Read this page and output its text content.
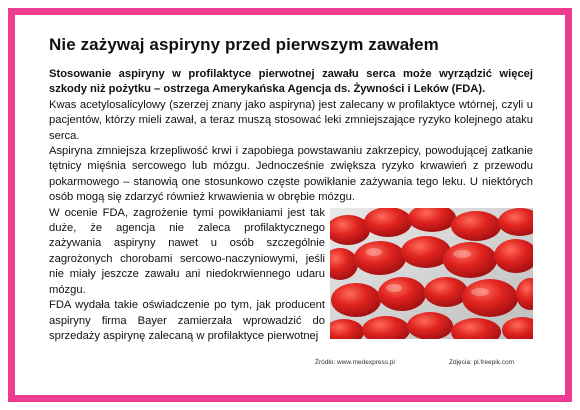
Nie zażywaj aspiryny przed pierwszym zawałem

Stosowanie aspiryny w profilaktyce pierwotnej zawału serca może wyrządzić więcej szkody niż pożytku – ostrzega Amerykańska Agencja ds. Żywności i Leków (FDA).

Kwas acetylosalicylowy (szerzej znany jako aspiryna) jest zalecany w profilaktyce wtórnej, czyli u pacjentów, którzy mieli zawał, a teraz muszą stosować leki zmniejszające ryzyko kolejnego ataku serca.

Aspiryna zmniejsza krzepliwość krwi i zapobiega powstawaniu zakrzepicy, powodującej zatkanie tętnicy mięśnia sercowego lub mózgu. Jednocześnie zwiększa ryzyko krwawień z przewodu pokarmowego – stanowią one stosunkowo częste powikłanie zażywania tego leku. U niektórych osób mogą się zdarzyć również krwawienia w obrębie mózgu.

W ocenie FDA, zagrożenie tymi powikłaniami jest tak duże, że agencja nie zaleca profilaktycznego zażywania aspiryny nawet u osób szczególnie zagrożonych chorobami sercowo-naczyniowymi, jeśli nie miały jeszcze zawału ani niedokrwiennego udaru mózgu.

FDA wydała takie oświadczenie po tym, jak producent aspiryny firma Bayer zamierzała wprowadzić do sprzedaży aspirynę zalecaną w profilaktyce pierwotnej

Źródło: www.medexpress.pl	Zdjęcia: pl.freepik.com
